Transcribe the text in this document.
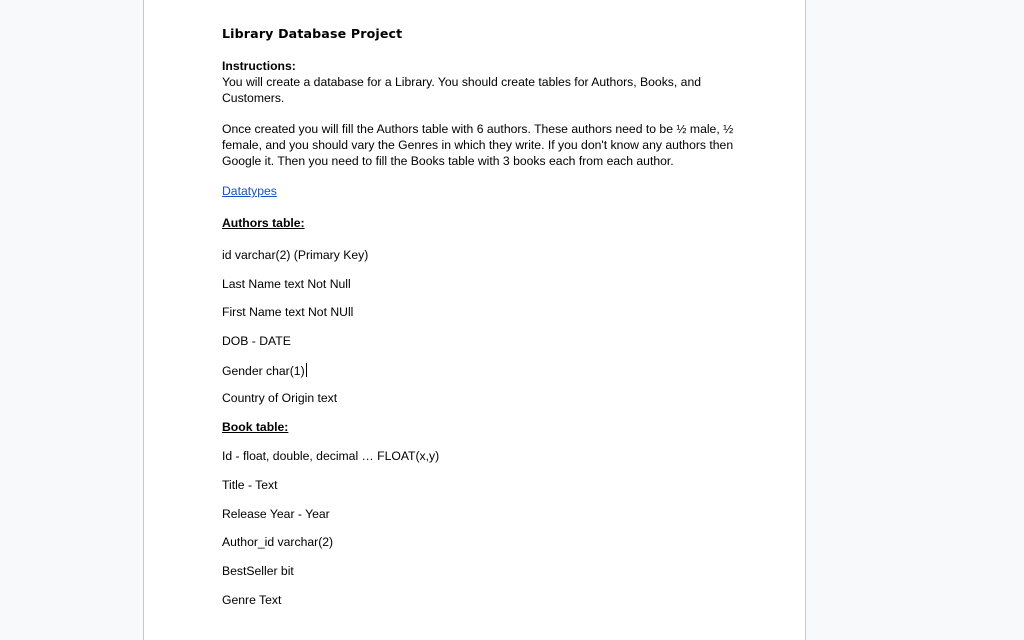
Library Database Project

Instructions:

You will create a database for a Library. You should create tables for Authors, Books, and Customers.

Once created you will fill the Authors table with 6 authors. These authors need to be ½ male, ½ female, and you should vary the Genres in which they write. If you don't know any authors then Google it. Then you need to fill the Books table with 3 books each from each author.

Datatypes

Authors table:

id varchar(2) (Primary Key)

Last Name text Not Null

First Name text Not NUll

DOB - DATE

Gender char(1)

Country of Origin text

Book table:

Id - float, double, decimal … FLOAT(x,y)

Title - Text

Release Year - Year

Author_id varchar(2)

BestSeller bit

Genre Text
